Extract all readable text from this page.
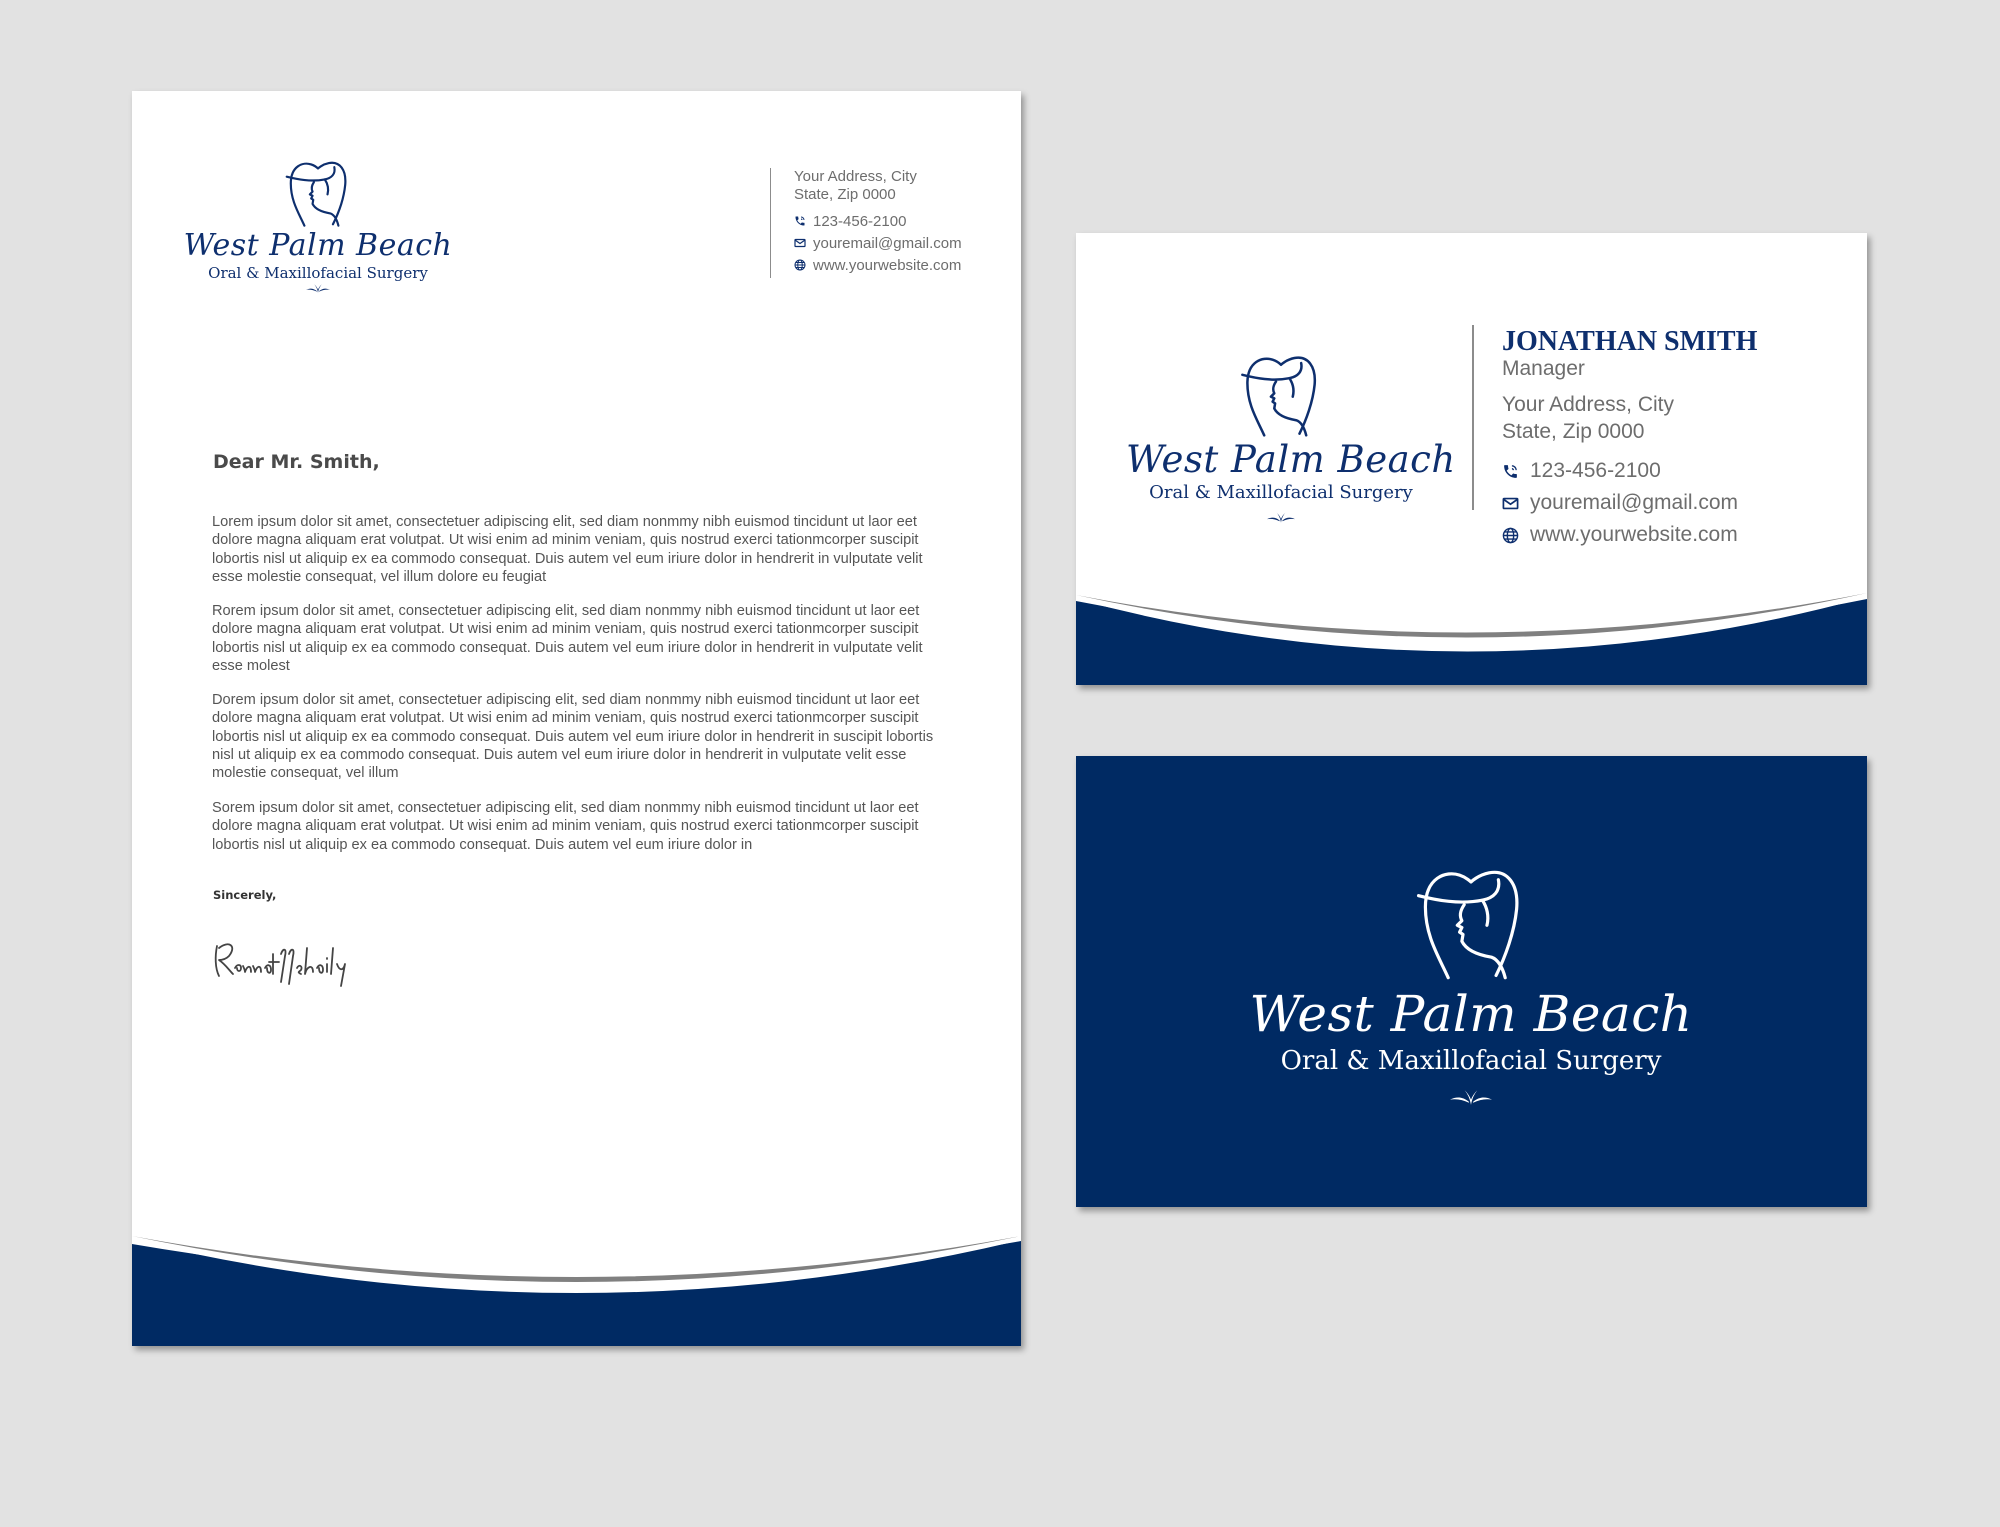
West Palm Beach
Oral & Maxillofacial Surgery
Your Address, City
State, Zip 0000
123-456-2100
youremail@gmail.com
www.yourwebsite.com
Dear Mr. Smith,

Lorem ipsum dolor sit amet, consectetuer adipiscing elit, sed diam nonmmy nibh euismod tincidunt ut laor eet dolore magna aliquam erat volutpat. Ut wisi enim ad minim veniam, quis nostrud exerci tationmcorper suscipit lobortis nisl ut aliquip ex ea commodo consequat. Duis autem vel eum iriure dolor in hendrerit in vulputate velit esse molestie consequat, vel illum dolore eu feugiat

Rorem ipsum dolor sit amet, consectetuer adipiscing elit, sed diam nonmmy nibh euismod tincidunt ut laor eet dolore magna aliquam erat volutpat. Ut wisi enim ad minim veniam, quis nostrud exerci tationmcorper suscipit lobortis nisl ut aliquip ex ea commodo consequat. Duis autem vel eum iriure dolor in hendrerit in vulputate velit esse molest

Dorem ipsum dolor sit amet, consectetuer adipiscing elit, sed diam nonmmy nibh euismod tincidunt ut laor eet dolore magna aliquam erat volutpat. Ut wisi enim ad minim veniam, quis nostrud exerci tationmcorper suscipit lobortis nisl ut aliquip ex ea commodo consequat. Duis autem vel eum iriure dolor in hendrerit in suscipit lobortis nisl ut aliquip ex ea commodo consequat. Duis autem vel eum iriure dolor in hendrerit in vulputate velit esse molestie consequat, vel illum

Sorem ipsum dolor sit amet, consectetuer adipiscing elit, sed diam nonmmy nibh euismod tincidunt ut laor eet dolore magna aliquam erat volutpat. Ut wisi enim ad minim veniam, quis nostrud exerci tationmcorper suscipit lobortis nisl ut aliquip ex ea commodo consequat. Duis autem vel eum iriure dolor in

Sincerely,
West Palm Beach
Oral & Maxillofacial Surgery
JONATHAN SMITH
Manager
Your Address, City
State, Zip 0000
123-456-2100
youremail@gmail.com
www.yourwebsite.com
West Palm Beach
Oral & Maxillofacial Surgery
